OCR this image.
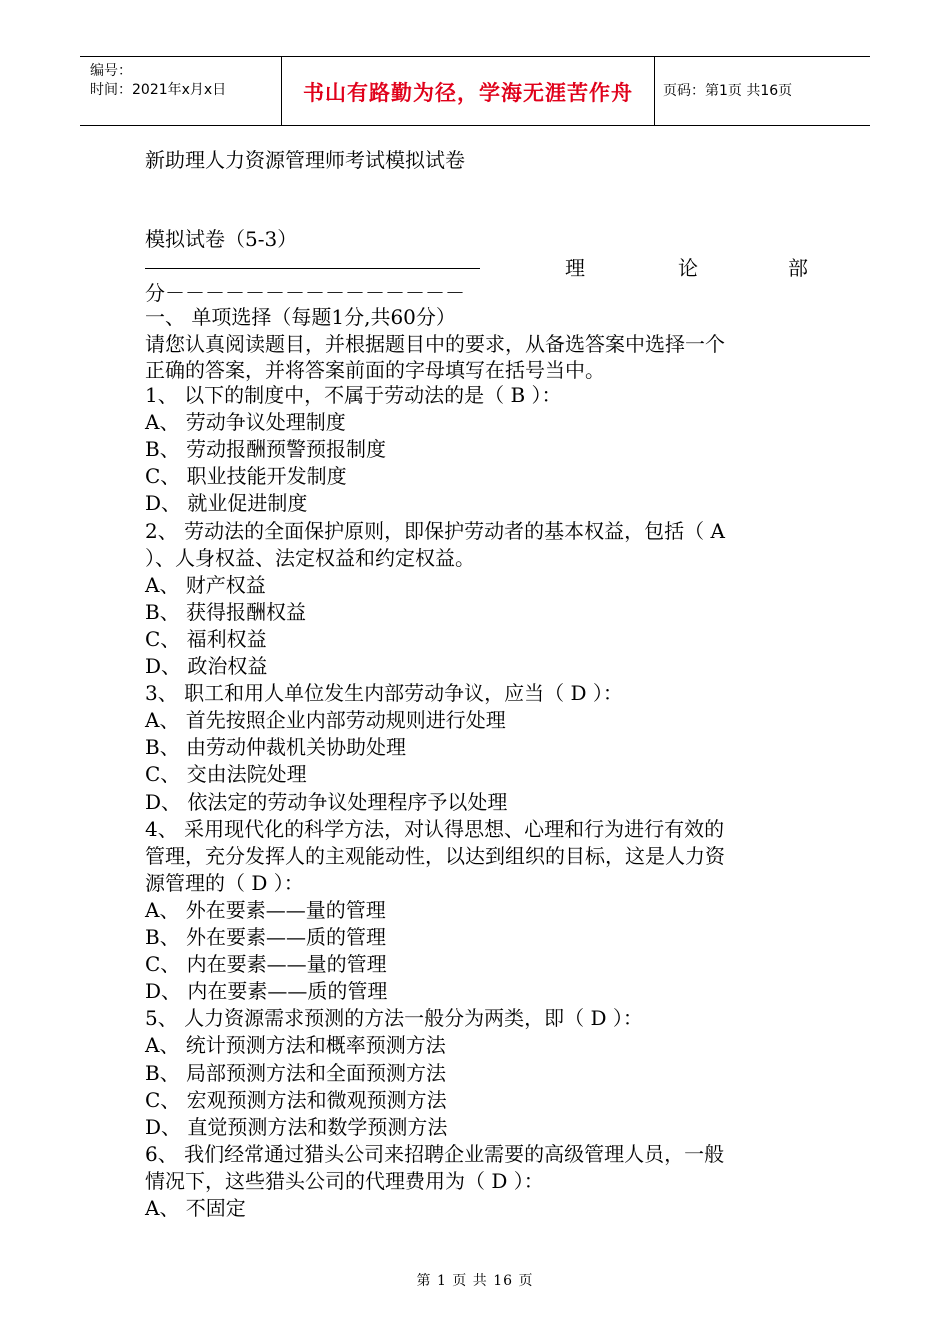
编号：
时间：2021年x月x日	书山有路勤为径，学海无涯苦作舟	页码：第1页 共16页
新助理人力资源管理师考试模拟试卷
模拟试卷（5-3）
理	论	部
分－－－－－－－－－－－－－－－
一、 单项选择（每题1分,共60分）
请您认真阅读题目，并根据题目中的要求，从备选答案中选择一个
正确的答案，并将答案前面的字母填写在括号当中。
1、 以下的制度中，不属于劳动法的是（ B ）：
A、 劳动争议处理制度
B、 劳动报酬预警预报制度
C、 职业技能开发制度
D、 就业促进制度
2、 劳动法的全面保护原则，即保护劳动者的基本权益，包括（ A
）、人身权益、法定权益和约定权益。
A、 财产权益
B、 获得报酬权益
C、 福利权益
D、 政治权益
3、 职工和用人单位发生内部劳动争议，应当（ D ）：
A、 首先按照企业内部劳动规则进行处理
B、 由劳动仲裁机关协助处理
C、 交由法院处理
D、 依法定的劳动争议处理程序予以处理
4、 采用现代化的科学方法，对认得思想、心理和行为进行有效的
管理，充分发挥人的主观能动性，以达到组织的目标，这是人力资
源管理的（ D ）：
A、 外在要素——量的管理
B、 外在要素——质的管理
C、 内在要素——量的管理
D、 内在要素——质的管理
5、 人力资源需求预测的方法一般分为两类，即（ D ）：
A、 统计预测方法和概率预测方法
B、 局部预测方法和全面预测方法
C、 宏观预测方法和微观预测方法
D、 直觉预测方法和数学预测方法
6、 我们经常通过猎头公司来招聘企业需要的高级管理人员，一般
情况下，这些猎头公司的代理费用为（ D ）：
A、 不固定
第 1 页 共 16 页
